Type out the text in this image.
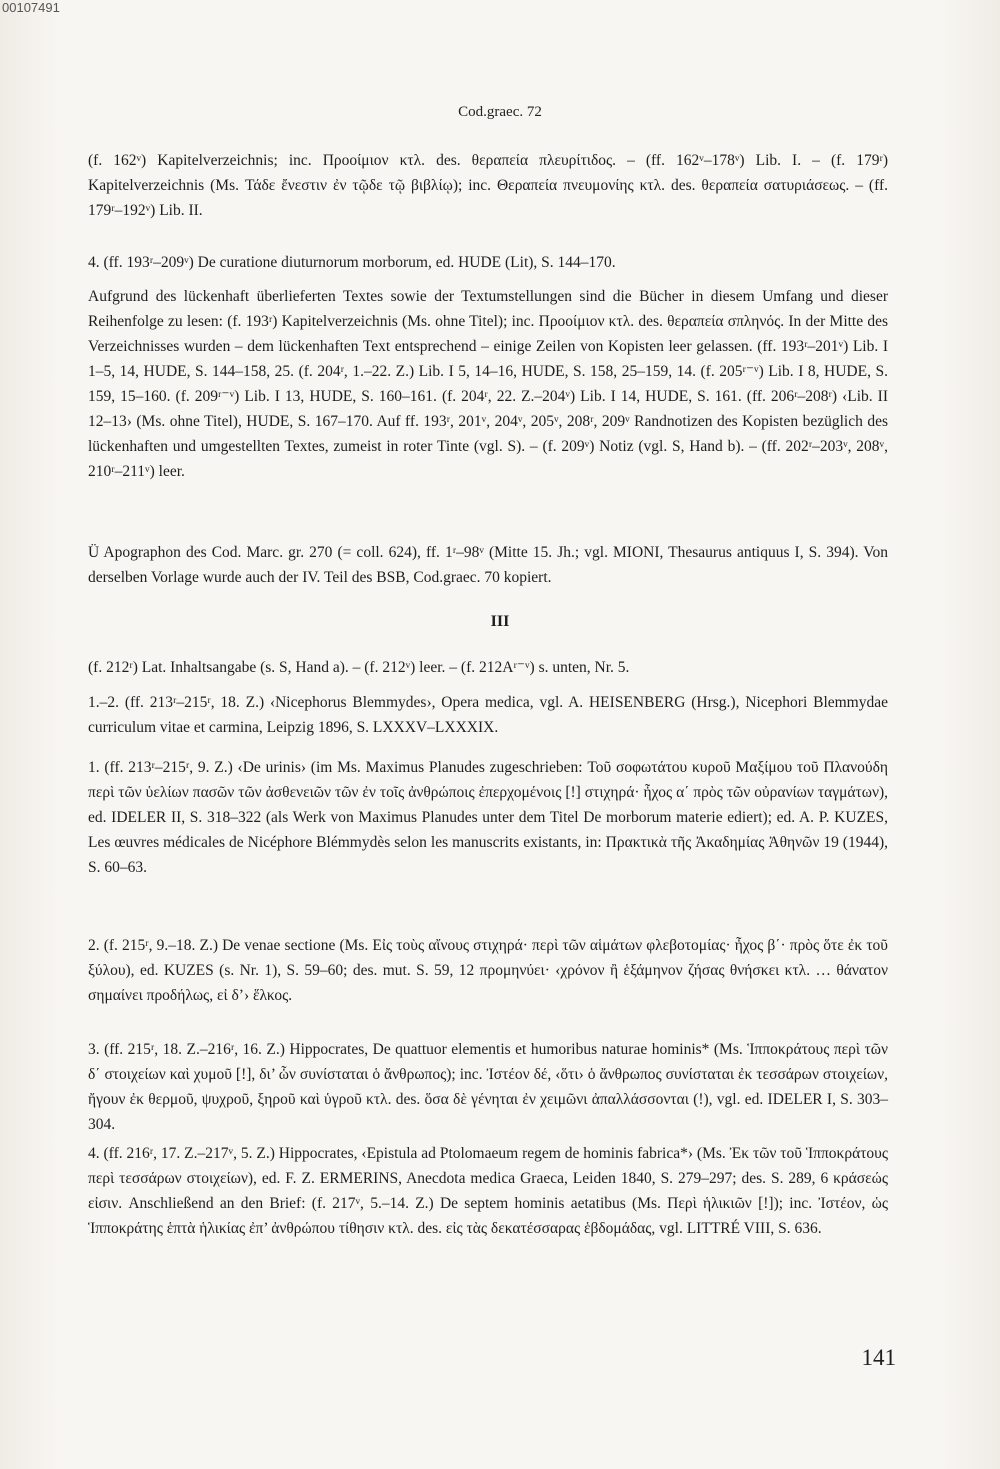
00107491
Cod.graec. 72

(f. 162ᵛ) Kapitelverzeichnis; inc. Προοίμιον κτλ. des. θεραπεία πλευρίτιδος. – (ff. 162ᵛ–178ᵛ) Lib. I. – (f. 179ʳ) Kapitelverzeichnis (Ms. Τάδε ἔνεστιν ἐν τῷδε τῷ βιβλίῳ); inc. Θεραπεία πνευμονίης κτλ. des. θεραπεία σατυριάσεως. – (ff. 179ʳ–192ᵛ) Lib. II.

4. (ff. 193ʳ–209ᵛ) De curatione diuturnorum morborum, ed. HUDE (Lit), S. 144–170.

Aufgrund des lückenhaft überlieferten Textes sowie der Textumstellungen sind die Bücher in diesem Umfang und dieser Reihenfolge zu lesen: (f. 193ʳ) Kapitelverzeichnis (Ms. ohne Titel); inc. Προοίμιον κτλ. des. θεραπεία σπληνός. In der Mitte des Verzeichnisses wurden – dem lückenhaften Text entsprechend – einige Zeilen von Kopisten leer gelassen. (ff. 193ʳ–201ᵛ) Lib. I 1–5, 14, HUDE, S. 144–158, 25. (f. 204ʳ, 1.–22. Z.) Lib. I 5, 14–16, HUDE, S. 158, 25–159, 14. (f. 205ʳ⁻ᵛ) Lib. I 8, HUDE, S. 159, 15–160. (f. 209ʳ⁻ᵛ) Lib. I 13, HUDE, S. 160–161. (f. 204ʳ, 22. Z.–204ᵛ) Lib. I 14, HUDE, S. 161. (ff. 206ʳ–208ʳ) ‹Lib. II 12–13› (Ms. ohne Titel), HUDE, S. 167–170. Auf ff. 193ʳ, 201ᵛ, 204ᵛ, 205ᵛ, 208ʳ, 209ᵛ Randnotizen des Kopisten bezüglich des lückenhaften und umgestellten Textes, zumeist in roter Tinte (vgl. S). – (f. 209ᵛ) Notiz (vgl. S, Hand b). – (ff. 202ʳ–203ᵛ, 208ᵛ, 210ʳ–211ᵛ) leer.

Ü Apographon des Cod. Marc. gr. 270 (= coll. 624), ff. 1ʳ–98ᵛ (Mitte 15. Jh.; vgl. MIONI, Thesaurus antiquus I, S. 394). Von derselben Vorlage wurde auch der IV. Teil des BSB, Cod.graec. 70 kopiert.

III

(f. 212ʳ) Lat. Inhaltsangabe (s. S, Hand a). – (f. 212ᵛ) leer. – (f. 212Aʳ⁻ᵛ) s. unten, Nr. 5.

1.–2. (ff. 213ʳ–215ʳ, 18. Z.) ‹Nicephorus Blemmydes›, Opera medica, vgl. A. HEISENBERG (Hrsg.), Nicephori Blemmydae curriculum vitae et carmina, Leipzig 1896, S. LXXXV–LXXXIX.

1. (ff. 213ʳ–215ʳ, 9. Z.) ‹De urinis› (im Ms. Maximus Planudes zugeschrieben: Τοῦ σοφωτάτου κυροῦ Μαξίμου τοῦ Πλανούδη περὶ τῶν ὑελίων πασῶν τῶν ἀσθενειῶν τῶν ἐν τοῖς ἀνθρώποις ἐπερχομένοις [!] στιχηρά· ἦχος α΄ πρὸς τῶν οὐρανίων ταγμάτων), ed. IDELER II, S. 318–322 (als Werk von Maximus Planudes unter dem Titel De morborum materie ediert); ed. A. P. KUZES, Les œuvres médicales de Nicéphore Blémmydès selon les manuscrits existants, in: Πρακτικὰ τῆς Ἀκαδημίας Ἀθηνῶν 19 (1944), S. 60–63.

2. (f. 215ʳ, 9.–18. Z.) De venae sectione (Ms. Εἰς τοὺς αἴνους στιχηρά· περὶ τῶν αἱμάτων φλεβοτομίας· ἦχος β΄· πρὸς ὅτε ἐκ τοῦ ξύλου), ed. KUZES (s. Nr. 1), S. 59–60; des. mut. S. 59, 12 προμηνύει· ‹χρόνον ἢ ἑξάμηνον ζήσας θνήσκει κτλ. … θάνατον σημαίνει προδήλως, εἰ δ’› ἕλκος.

3. (ff. 215ʳ, 18. Z.–216ʳ, 16. Z.) Hippocrates, De quattuor elementis et humoribus naturae hominis* (Ms. Ἱπποκράτους περὶ τῶν δ΄ στοιχείων καὶ χυμοῦ [!], δι’ ὧν συνίσταται ὁ ἄνθρωπος); inc. Ἰστέον δέ, ‹ὅτι› ὁ ἄνθρωπος συνίσταται ἐκ τεσσάρων στοιχείων, ἤγουν ἐκ θερμοῦ, ψυχροῦ, ξηροῦ καὶ ὑγροῦ κτλ. des. ὅσα δὲ γένηται ἐν χειμῶνι ἀπαλλάσσονται (!), vgl. ed. IDELER I, S. 303–304.

4. (ff. 216ʳ, 17. Z.–217ᵛ, 5. Z.) Hippocrates, ‹Epistula ad Ptolomaeum regem de hominis fabrica*› (Ms. Ἐκ τῶν τοῦ Ἱπποκράτους περὶ τεσσάρων στοιχείων), ed. F. Z. ERMERINS, Anecdota medica Graeca, Leiden 1840, S. 279–297; des. S. 289, 6 κράσεώς εἰσιν. Anschließend an den Brief: (f. 217ᵛ, 5.–14. Z.) De septem hominis aetatibus (Ms. Περὶ ἡλικιῶν [!]); inc. Ἰστέον, ὡς Ἱπποκράτης ἑπτὰ ἡλικίας ἐπ’ ἀνθρώπου τίθησιν κτλ. des. εἰς τὰς δεκατέσσαρας ἑβδομάδας, vgl. LITTRÉ VIII, S. 636.

141
